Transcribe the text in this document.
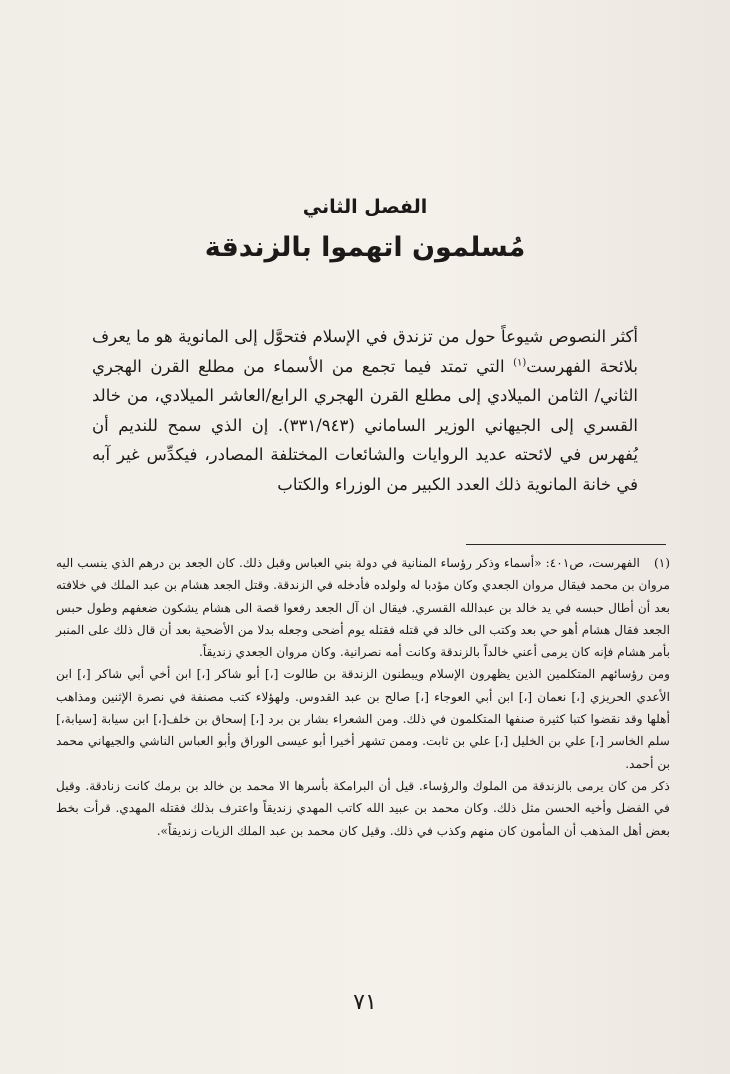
الفصل الثاني
مُسلمون اتهموا بالزندقة

أكثر النصوص شيوعاً حول من تزندق في الإسلام فتحوَّل إلى المانوية هو ما يعرف بلائحة الفهرست$^{(١)}$ التي تمتد فيما تجمع من الأسماء من مطلع القرن الهجري الثاني/ الثامن الميلادي إلى مطلع القرن الهجري الرابع/العاشر الميلادي، من خالد القسري إلى الجيهاني الوزير الساماني (٣٣١/٩٤٣). إن الذي سمح للنديم أن يُفهرس في لائحته عديد الروايات والشائعات المختلفة المصادر، فيكدِّس غير آبه في خانة المانوية ذلك العدد الكبير من الوزراء والكتاب

(١)الفهرست، ص٤٠١: «أسماء وذكر رؤساء المنانية في دولة بني العباس وقبل ذلك. كان الجعد بن درهم الذي ينسب اليه مروان بن محمد فيقال مروان الجعدي وكان مؤدبا له ولولده فأدخله في الزندقة. وقتل الجعد هشام بن عبد الملك في خلافته بعد أن أطال حبسه في يد خالد بن عبدالله القسري. فيقال ان آل الجعد رفعوا قصة الى هشام يشكون ضعفهم وطول حبس الجعد فقال هشام أهو حي بعد وكتب الى خالد في قتله فقتله يوم أضحى وجعله بدلا من الأضحية بعد أن قال ذلك على المنبر بأمر هشام فإنه كان يرمى أعني خالداً بالزندقة وكانت أمه نصرانية. وكان مروان الجعدي زنديقاً.

ومن رؤسائهم المتكلمين الذين يظهرون الإسلام ويبطنون الزندقة بن طالوت [،] أبو شاكر [،] ابن أخي أبي شاكر [،] ابن الأعدي الحريزي [،] نعمان [،] ابن أبي العوجاء [،] صالح بن عبد القدوس. ولهؤلاء كتب مصنفة في نصرة الإثنين ومذاهب أهلها وقد نقضوا كتبا كثيرة صنفها المتكلمون في ذلك. ومن الشعراء بشار بن برد [،] إسحاق بن خلف[،] ابن سيابة [سيابة،] سلم الخاسر [،] علي بن الخليل [،] علي بن ثابت. وممن تشهر أخيرا أبو عيسى الوراق وأبو العباس الناشي والجيهاني محمد بن أحمد.

ذكر من كان يرمى بالزندقة من الملوك والرؤساء. قيل أن البرامكة بأسرها الا محمد بن خالد بن برمك كانت زنادقة. وقيل في الفضل وأخيه الحسن مثل ذلك. وكان محمد بن عبيد الله كاتب المهدي زنديقاً واعترف بذلك فقتله المهدي. قرأت بخط بعض أهل المذهب أن المأمون كان منهم وكذب في ذلك. وقيل كان محمد بن عبد الملك الزيات زنديقاً».

٧١
